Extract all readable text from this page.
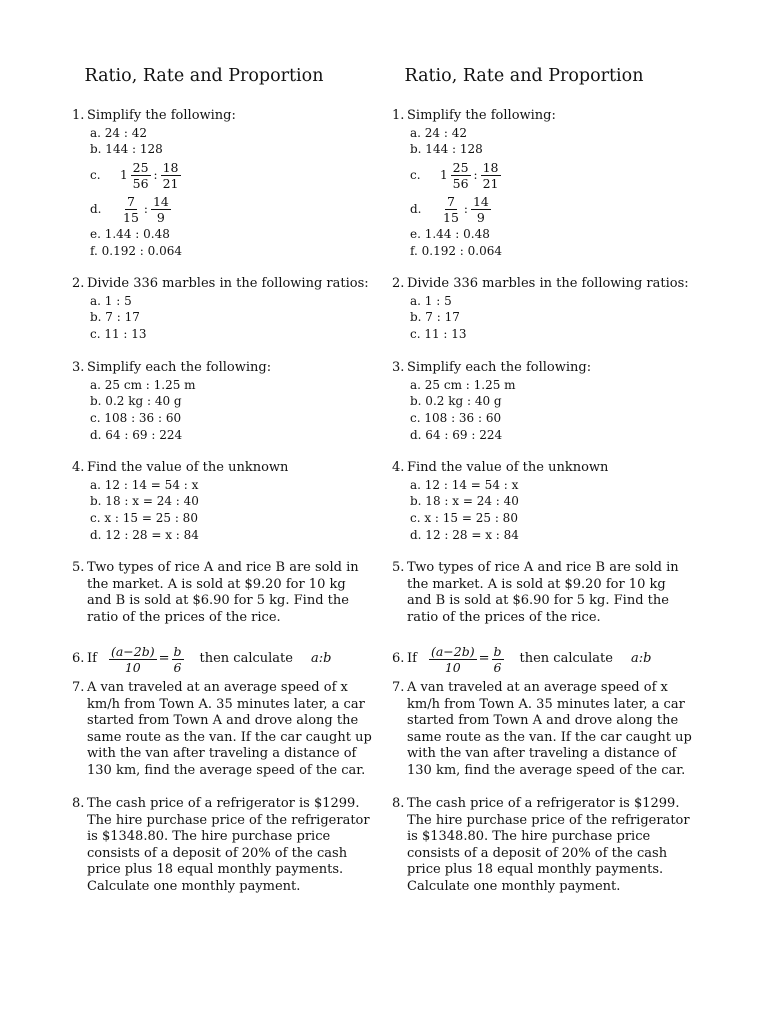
Ratio, Rate and Proportion
1. Simplify the following:
a. 24 : 42
b. 144 : 128
c.	$1 \frac{25}{56}$ : $\frac{18}{21}$
d.	$\frac{7}{15}$ : $\frac{14}{9}$
e. 1.44 : 0.48
f. 0.192 : 0.064
2. Divide 336 marbles in the following ratios:
a. 1 : 5
b. 7 : 17
c. 11 : 13
3. Simplify each the following:
a. 25 cm : 1.25 m
b. 0.2 kg : 40 g
c. 108 : 36 : 60
d. 64 : 69 : 224
4. Find the value of the unknown
a. 12 : 14 = 54 : x
b. 18 : x = 24 : 40
c. x : 15 = 25 : 80
d. 12 : 28 = x : 84
5. Two types of rice A and rice B are sold in the market. A is sold at $9.20 for 10 kg and B is sold at $6.90 for 5 kg. Find the ratio of the prices of the rice.
6. If $\frac{(a-2b)}{10} = \frac{b}{6}$ then calculate a:b
7. A van traveled at an average speed of x km/h from Town A. 35 minutes later, a car started from Town A and drove along the same route as the van. If the car caught up with the van after traveling a distance of 130 km, find the average speed of the car.
8. The cash price of a refrigerator is $1299. The hire purchase price of the refrigerator is $1348.80. The hire purchase price consists of a deposit of 20% of the cash price plus 18 equal monthly payments. Calculate one monthly payment.
Ratio, Rate and Proportion
1. Simplify the following:
a. 24 : 42
b. 144 : 128
c.	$1 \frac{25}{56}$ : $\frac{18}{21}$
d.	$\frac{7}{15}$ : $\frac{14}{9}$
e. 1.44 : 0.48
f. 0.192 : 0.064
2. Divide 336 marbles in the following ratios:
a. 1 : 5
b. 7 : 17
c. 11 : 13
3. Simplify each the following:
a. 25 cm : 1.25 m
b. 0.2 kg : 40 g
c. 108 : 36 : 60
d. 64 : 69 : 224
4. Find the value of the unknown
a. 12 : 14 = 54 : x
b. 18 : x = 24 : 40
c. x : 15 = 25 : 80
d. 12 : 28 = x : 84
5. Two types of rice A and rice B are sold in the market. A is sold at $9.20 for 10 kg and B is sold at $6.90 for 5 kg. Find the ratio of the prices of the rice.
6. If $\frac{(a-2b)}{10} = \frac{b}{6}$ then calculate a:b
7. A van traveled at an average speed of x km/h from Town A. 35 minutes later, a car started from Town A and drove along the same route as the van. If the car caught up with the van after traveling a distance of 130 km, find the average speed of the car.
8. The cash price of a refrigerator is $1299. The hire purchase price of the refrigerator is $1348.80. The hire purchase price consists of a deposit of 20% of the cash price plus 18 equal monthly payments. Calculate one monthly payment.
